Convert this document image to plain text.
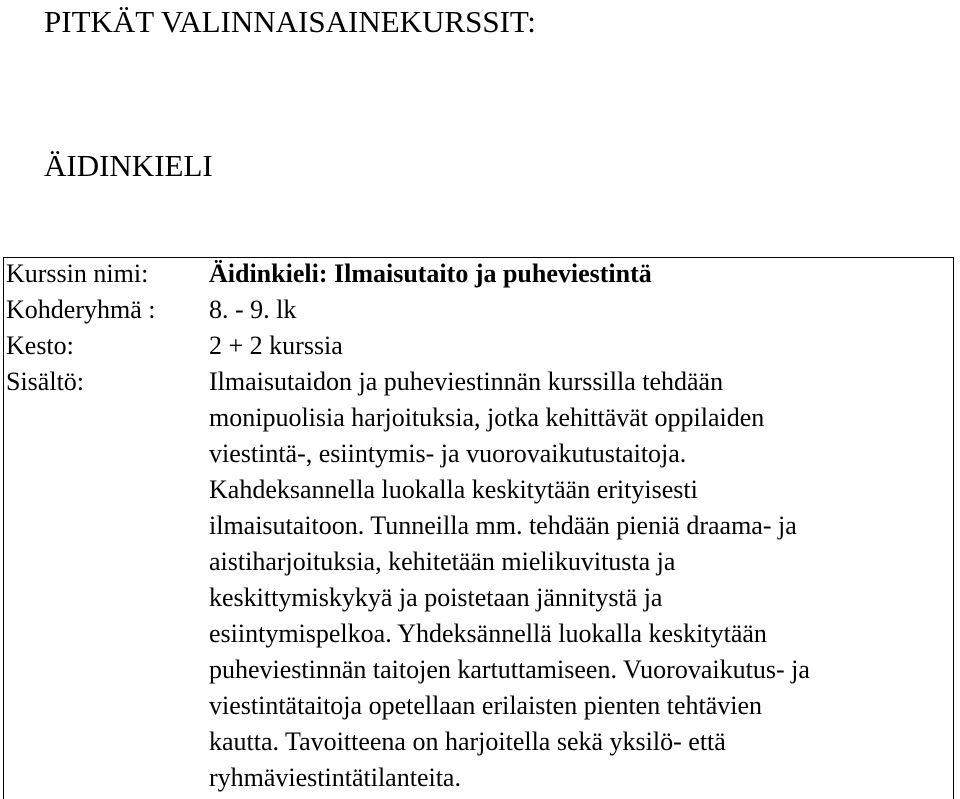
PITKÄT VALINNAISAINEKURSSIT:
ÄIDINKIELI
Kurssin nimi: Äidinkieli: Ilmaisutaito ja puheviestintä
Kohderyhmä : 8. - 9. lk
Kesto:	2 + 2 kurssia
Sisältö:	Ilmaisutaidon ja puheviestinnän kurssilla tehdään
monipuolisia harjoituksia, jotka kehittävät oppilaiden
viestintä-, esiintymis- ja vuorovaikutustaitoja.
Kahdeksannella luokalla keskitytään erityisesti
ilmaisutaitoon. Tunneilla mm. tehdään pieniä draama- ja
aistiharjoituksia, kehitetään mielikuvitusta ja
keskittymiskykyä ja poistetaan jännitystä ja
esiintymispelkoa. Yhdeksännellä luokalla keskitytään
puheviestinnän taitojen kartuttamiseen. Vuorovaikutus- ja
viestintätaitoja opetellaan erilaisten pienten tehtävien
kautta. Tavoitteena on harjoitella sekä yksilö- että
ryhmäviestintätilanteita.
